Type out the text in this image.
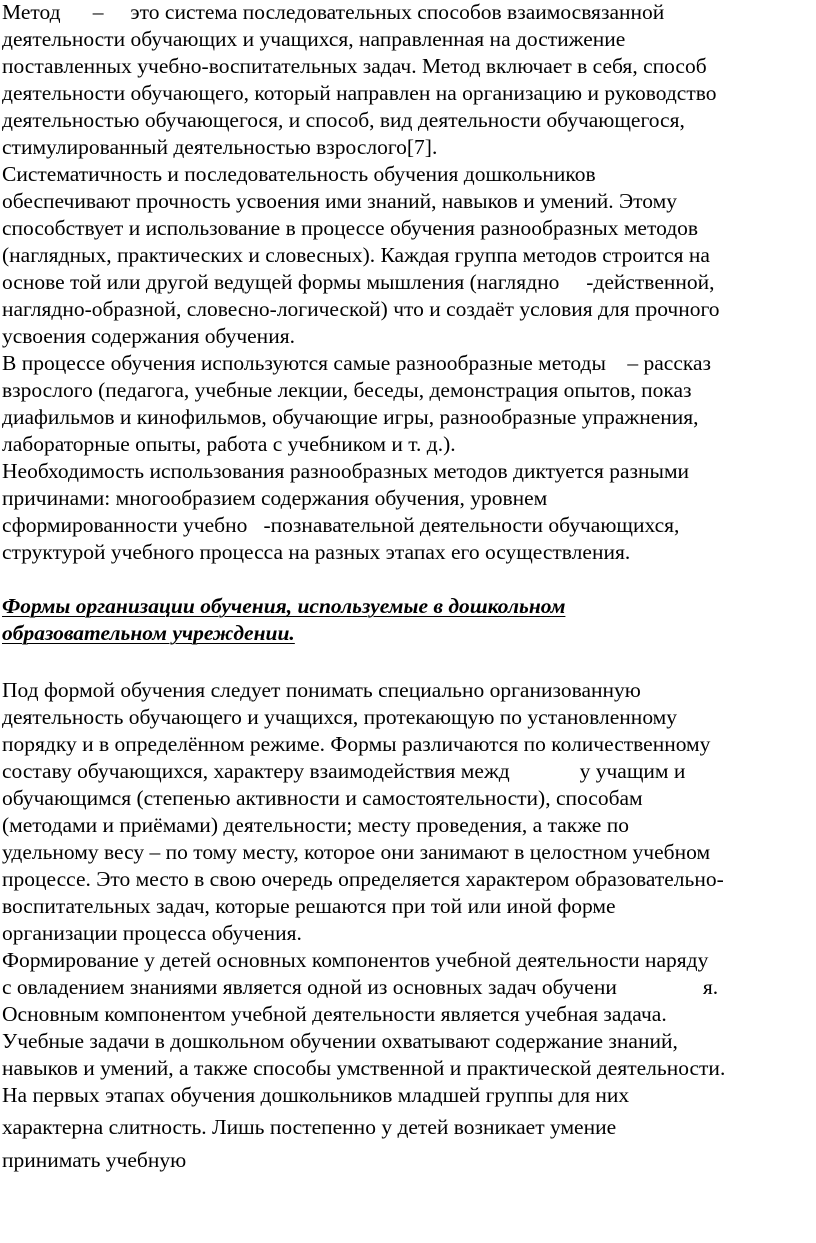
Метод      –     это система последовательных способов взаимосвязанной
деятельности обучающих и учащихся, направленная на достижение
поставленных учебно-воспитательных задач. Метод включает в себя, способ
деятельности обучающего, который направлен на организацию и руководство
деятельностью обучающегося, и способ, вид деятельности обучающегося,
стимулированный деятельностью взрослого[7].
Систематичность и последовательность обучения дошкольников
обеспечивают прочность усвоения ими знаний, навыков и умений. Этому
способствует и использование в процессе обучения разнообразных методов
(наглядных, практических и словесных). Каждая группа методов строится на
основе той или другой ведущей формы мышления (наглядно     -действенной,
наглядно-образной, словесно-логической) что и создаёт условия для прочного
усвоения содержания обучения.
В процессе обучения используются самые разнообразные методы    – рассказ
взрослого (педагога, учебные лекции, беседы, демонстрация опытов, показ
диафильмов и кинофильмов, обучающие игры, разнообразные упражнения,
лабораторные опыты, работа с учебником и т. д.).
Необходимость использования разнообразных методов диктуется разными
причинами: многообразием содержания обучения, уровнем
сформированности учебно   -познавательной деятельности обучающихся,
структурой учебного процесса на разных этапах его осуществления.
Формы организации обучения, используемые в дошкольном
образовательном учреждении.
Под формой обучения следует понимать специально организованную
деятельность обучающего и учащихся, протекающую по установленному
порядку и в определённом режиме. Формы различаются по количественному
составу обучающихся, характеру взаимодействия межд             у учащим и
обучающимся (степенью активности и самостоятельности), способам
(методами и приёмами) деятельности; месту проведения, а также по
удельному весу – по тому месту, которое они занимают в целостном учебном
процессе. Это место в свою очередь определяется характером образовательно-
воспитательных задач, которые решаются при той или иной форме
организации процесса обучения.
Формирование у детей основных компонентов учебной деятельности наряду
с овладением знаниями является одной из основных задач обучени                я.
Основным компонентом учебной деятельности является учебная задача.
Учебные задачи в дошкольном обучении охватывают содержание знаний,
навыков и умений, а также способы умственной и практической деятельности.
На первых этапах обучения дошкольников младшей группы для них
характерна слитность. Лишь постепенно у детей возникает умение
принимать учебную
